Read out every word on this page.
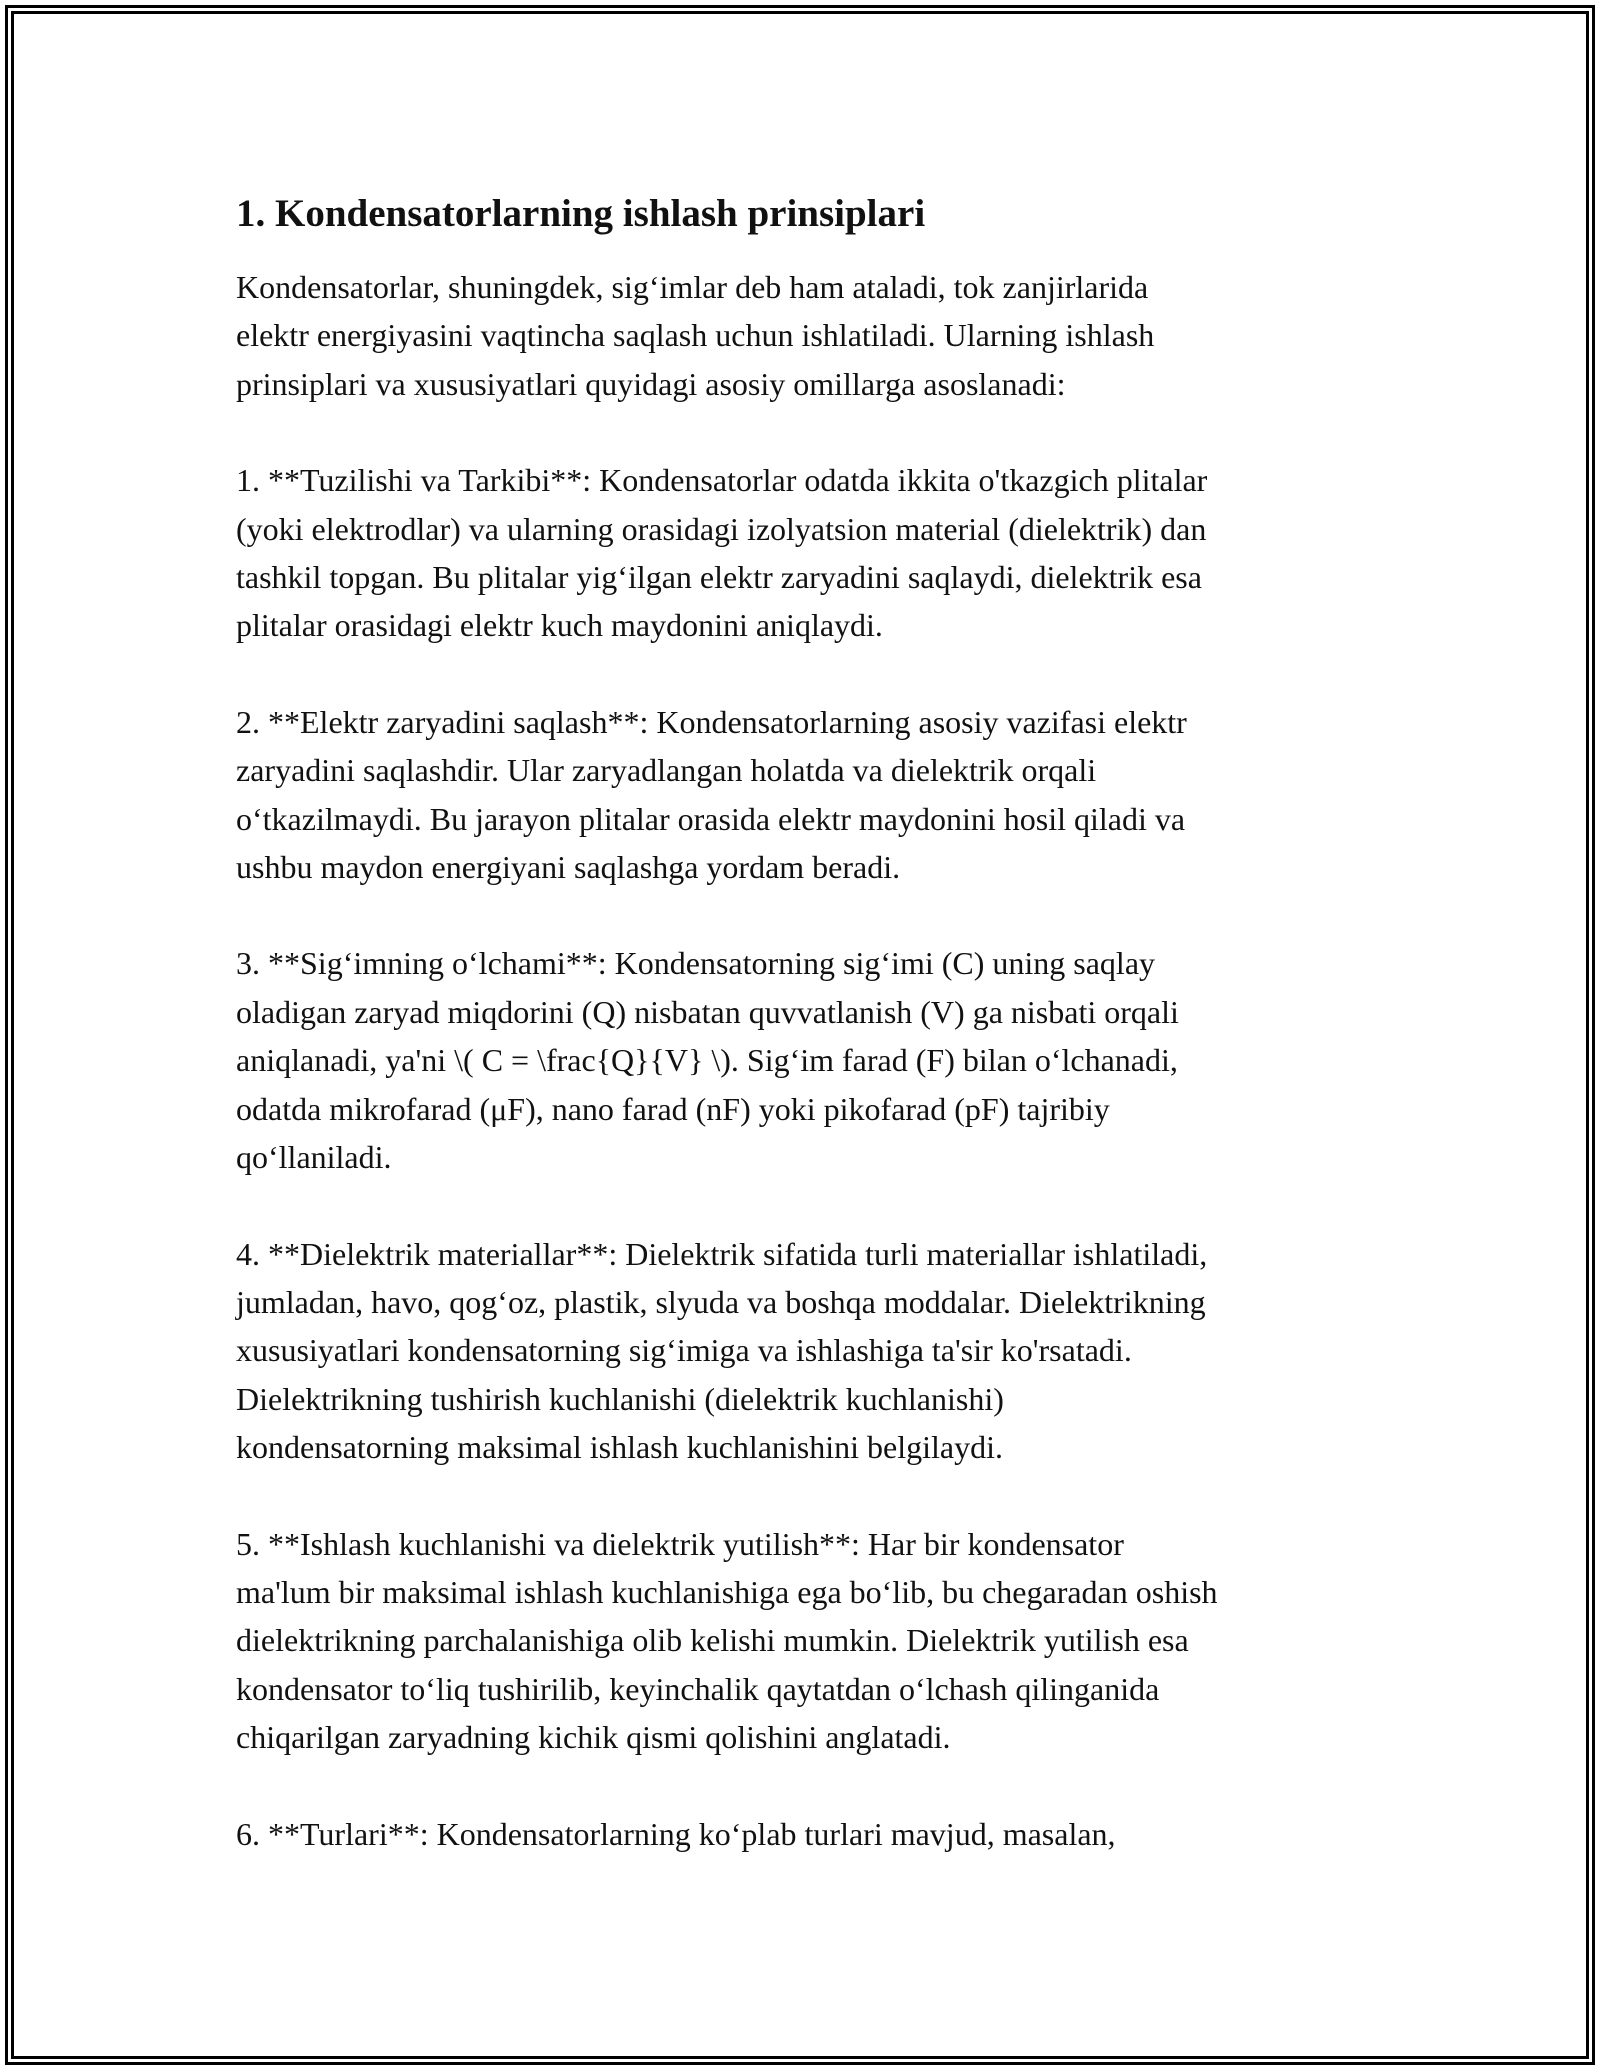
1. Kondensatorlarning ishlash prinsiplari

Kondensatorlar, shuningdek, sig‘imlar deb ham ataladi, tok zanjirlarida
elektr energiyasini vaqtincha saqlash uchun ishlatiladi. Ularning ishlash
prinsiplari va xususiyatlari quyidagi asosiy omillarga asoslanadi:

1. **Tuzilishi va Tarkibi**: Kondensatorlar odatda ikkita o'tkazgich plitalar
(yoki elektrodlar) va ularning orasidagi izolyatsion material (dielektrik) dan
tashkil topgan. Bu plitalar yig‘ilgan elektr zaryadini saqlaydi, dielektrik esa
plitalar orasidagi elektr kuch maydonini aniqlaydi.

2. **Elektr zaryadini saqlash**: Kondensatorlarning asosiy vazifasi elektr
zaryadini saqlashdir. Ular zaryadlangan holatda va dielektrik orqali
o‘tkazilmaydi. Bu jarayon plitalar orasida elektr maydonini hosil qiladi va
ushbu maydon energiyani saqlashga yordam beradi.

3. **Sig‘imning o‘lchami**: Kondensatorning sig‘imi (C) uning saqlay
oladigan zaryad miqdorini (Q) nisbatan quvvatlanish (V) ga nisbati orqali
aniqlanadi, ya'ni \( C = \frac{Q}{V} \). Sig‘im farad (F) bilan o‘lchanadi,
odatda mikrofarad (μF), nano farad (nF) yoki pikofarad (pF) tajribiy
qo‘llaniladi.

4. **Dielektrik materiallar**: Dielektrik sifatida turli materiallar ishlatiladi,
jumladan, havo, qog‘oz, plastik, slyuda va boshqa moddalar. Dielektrikning
xususiyatlari kondensatorning sig‘imiga va ishlashiga ta'sir ko'rsatadi.
Dielektrikning tushirish kuchlanishi (dielektrik kuchlanishi)
kondensatorning maksimal ishlash kuchlanishini belgilaydi.

5. **Ishlash kuchlanishi va dielektrik yutilish**: Har bir kondensator
ma'lum bir maksimal ishlash kuchlanishiga ega bo‘lib, bu chegaradan oshish
dielektrikning parchalanishiga olib kelishi mumkin. Dielektrik yutilish esa
kondensator to‘liq tushirilib, keyinchalik qaytatdan o‘lchash qilinganida
chiqarilgan zaryadning kichik qismi qolishini anglatadi.

6. **Turlari**: Kondensatorlarning ko‘plab turlari mavjud, masalan,
